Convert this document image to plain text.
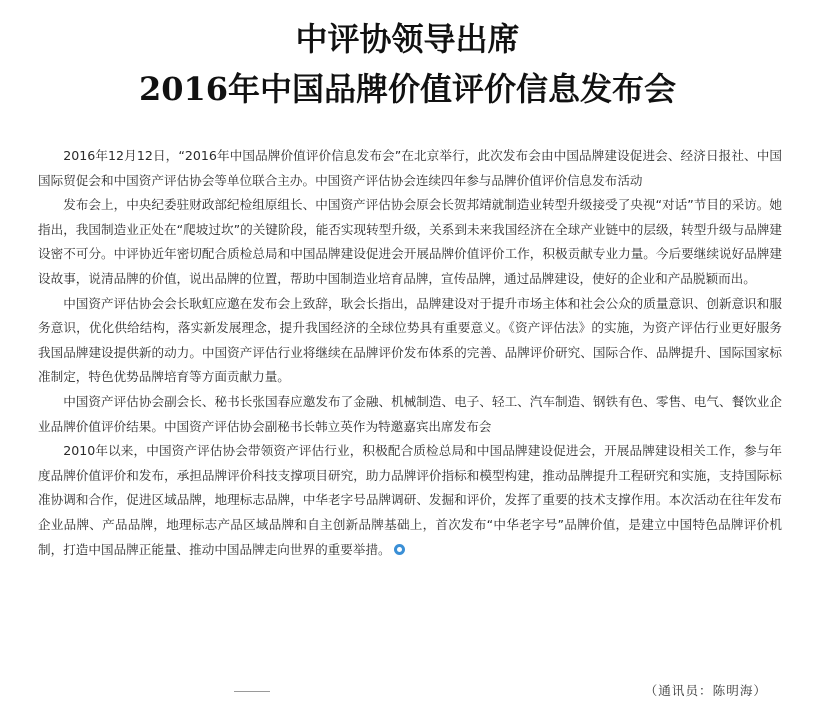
中评协领导出席
2016年中国品牌价值评价信息发布会

2016年12月12日，“2016年中国品牌价值评价信息发布会”在北京举行，此次发布会由中国品牌建设促进会、经济日报社、中国国际贸促会和中国资产评估协会等单位联合主办。中国资产评估协会连续四年参与品牌价值评价信息发布活动

发布会上，中央纪委驻财政部纪检组原组长、中国资产评估协会原会长贺邦靖就制造业转型升级接受了央视“对话”节目的采访。她指出，我国制造业正处在“爬坡过坎”的关键阶段，能否实现转型升级，关系到未来我国经济在全球产业链中的层级，转型升级与品牌建设密不可分。中评协近年密切配合质检总局和中国品牌建设促进会开展品牌价值评价工作，积极贡献专业力量。今后要继续说好品牌建设故事，说清品牌的价值，说出品牌的位置，帮助中国制造业培育品牌，宣传品牌，通过品牌建设，使好的企业和产品脱颖而出。

中国资产评估协会会长耿虹应邀在发布会上致辞，耿会长指出，品牌建设对于提升市场主体和社会公众的质量意识、创新意识和服务意识，优化供给结构，落实新发展理念，提升我国经济的全球位势具有重要意义。《资产评估法》的实施，为资产评估行业更好服务我国品牌建设提供新的动力。中国资产评估行业将继续在品牌评价发布体系的完善、品牌评价研究、国际合作、品牌提升、国际国家标准制定，特色优势品牌培育等方面贡献力量。

中国资产评估协会副会长、秘书长张国春应邀发布了金融、机械制造、电子、轻工、汽车制造、钢铁有色、零售、电气、餐饮业企业品牌价值评价结果。中国资产评估协会副秘书长韩立英作为特邀嘉宾出席发布会

2010年以来，中国资产评估协会带领资产评估行业，积极配合质检总局和中国品牌建设促进会，开展品牌建设相关工作，参与年度品牌价值评价和发布，承担品牌评价科技支撑项目研究，助力品牌评价指标和模型构建，推动品牌提升工程研究和实施，支持国际标准协调和合作，促进区域品牌，地理标志品牌，中华老字号品牌调研、发掘和评价，发挥了重要的技术支撑作用。本次活动在往年发布企业品牌、产品品牌，地理标志产品区域品牌和自主创新品牌基础上，首次发布“中华老字号”品牌价值，是建立中国特色品牌评价机制，打造中国品牌正能量、推动中国品牌走向世界的重要举措。

（通讯员：陈明海）
